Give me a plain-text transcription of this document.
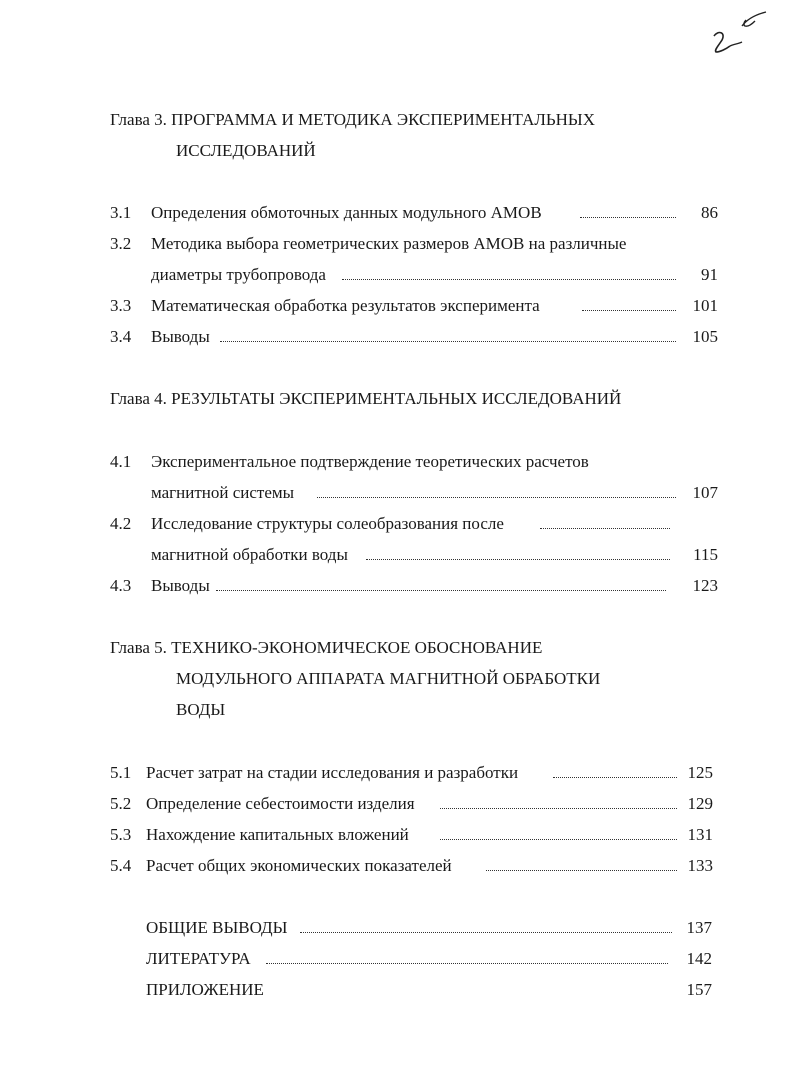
Глава 3. ПРОГРАММА И МЕТОДИКА ЭКСПЕРИМЕНТАЛЬНЫХ
ИССЛЕДОВАНИЙ
3.1 Определения обмоточных данных модульного АМОВ	86
3.2 Методика выбора геометрических размеров АМОВ на различные
диаметры трубопровода	91
3.3 Математическая обработка результатов эксперимента	101
3.4 Выводы	105
Глава 4. РЕЗУЛЬТАТЫ ЭКСПЕРИМЕНТАЛЬНЫХ ИССЛЕДОВАНИЙ
4.1 Экспериментальное подтверждение теоретических расчетов
магнитной системы	107
4.2 Исследование структуры солеобразования после
магнитной обработки воды	115
4.3 Выводы	123
Глава 5. ТЕХНИКО-ЭКОНОМИЧЕСКОЕ ОБОСНОВАНИЕ
МОДУЛЬНОГО АППАРАТА МАГНИТНОЙ ОБРАБОТКИ
ВОДЫ
5.1 Расчет затрат на стадии исследования и разработки	125
5.2 Определение себестоимости изделия	129
5.3 Нахождение капитальных вложений	131
5.4 Расчет общих экономических показателей	133
ОБЩИЕ ВЫВОДЫ	137
ЛИТЕРАТУРА	142
ПРИЛОЖЕНИЕ	157
